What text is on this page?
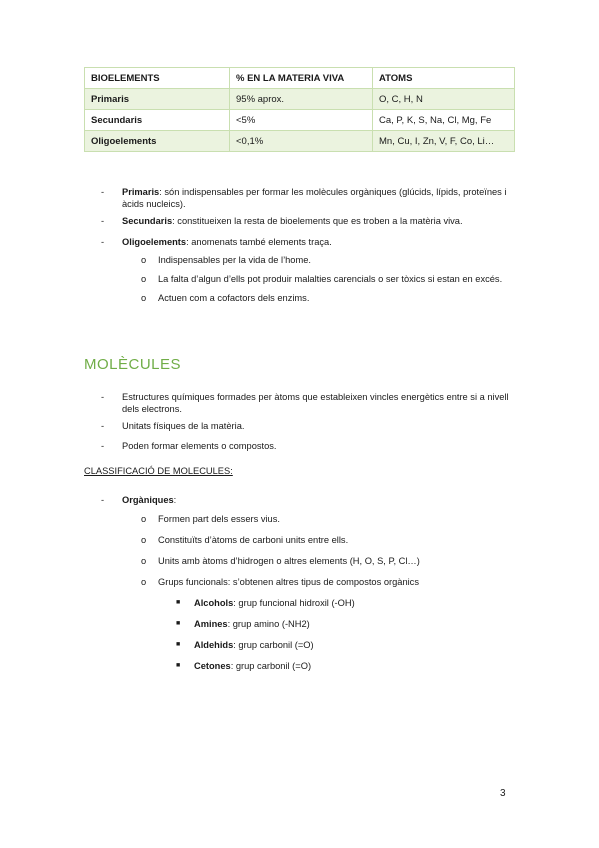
BIOELEMENTS	% EN LA MATERIA VIVA	ATOMS
Primaris	95% aprox.	O, C, H, N
Secundaris	<5%	Ca, P, K, S, Na, Cl, Mg, Fe
Oligoelements	<0,1%	Mn, Cu, I, Zn, V, F, Co, Li…
- Primaris: són indispensables per formar les molècules orgàniques (glúcids, lípids, proteïnes i àcids nucleics).
- Secundaris: constitueixen la resta de bioelements que es troben a la matèria viva.
- Oligoelements: anomenats també elements traça.
o Indispensables per la vida de l’home.
o La falta d’algun d’ells pot produir malalties carencials o ser tòxics si estan en excés.
o Actuen com a cofactors dels enzims.
MOLÈCULES
- Estructures químiques formades per àtoms que estableixen vincles energètics entre si a nivell dels electrons.
- Unitats físiques de la matèria.
- Poden formar elements o compostos.
CLASSIFICACIÓ DE MOLECULES:
- Orgàniques:
o Formen part dels essers vius.
o Constituïts d’àtoms de carboni units entre ells.
o Units amb àtoms d’hidrogen o altres elements (H, O, S, P, Cl…)
o Grups funcionals: s’obtenen altres tipus de compostos orgànics
■ Alcohols: grup funcional hidroxil (-OH)
■ Amines: grup amino (-NH2)
■ Aldehids: grup carbonil (=O)
■ Cetones: grup carbonil (=O)
3
